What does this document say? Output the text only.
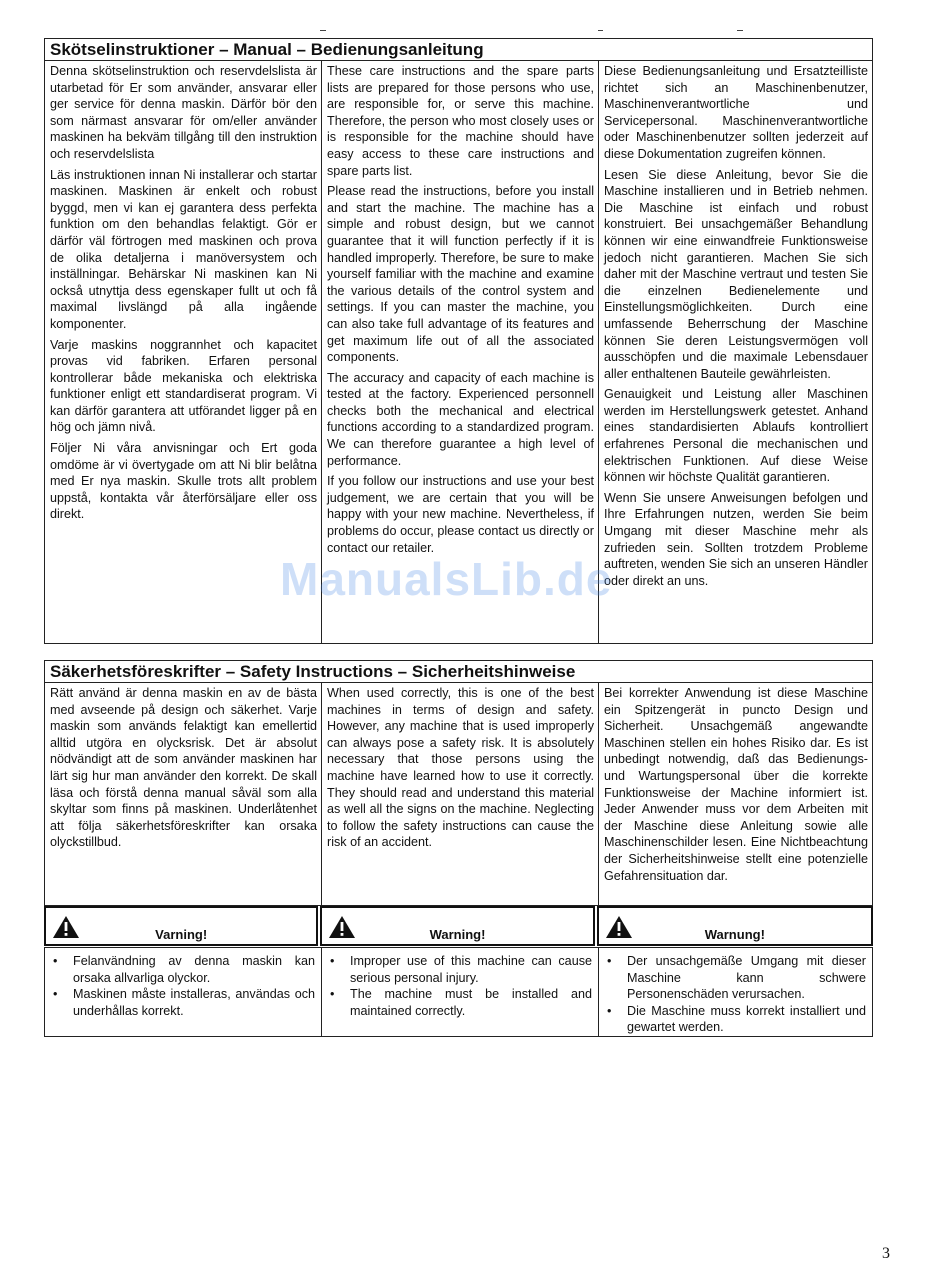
Skötselinstruktioner – Manual – Bedienungsanleitung

Denna skötselinstruktion och reservdelslista är utarbetad för Er som använder, ansvarar eller ger service för denna maskin. Därför bör den som närmast ansvarar för om/eller använder maskinen ha bekväm tillgång till den instruktion och reservdelslista

Läs instruktionen innan Ni installerar och startar maskinen. Maskinen är enkelt och robust byggd, men vi kan ej garantera dess perfekta funktion om den behandlas felaktigt. Gör er därför väl förtrogen med maskinen och prova de olika detaljerna i manöversystem och inställningar. Behärskar Ni maskinen kan Ni också utnyttja dess egenskaper fullt ut och få maximal livslängd på alla ingående komponenter.

Varje maskins noggrannhet och kapacitet provas vid fabriken. Erfaren personal kontrollerar både mekaniska och elektriska funktioner enligt ett standardiserat program. Vi kan därför garantera att utförandet ligger på en hög och jämn nivå.

Följer Ni våra anvisningar och Ert goda omdöme är vi övertygade om att Ni blir belåtna med Er nya maskin. Skulle trots allt problem uppstå, kontakta vår återförsäljare eller oss direkt.

These care instructions and the spare parts lists are prepared for those persons who use, are responsible for, or serve this machine. Therefore, the person who most closely uses or is responsible for the machine should have easy access to these care instructions and spare parts list.

Please read the instructions, before you install and start the machine. The machine has a simple and robust design, but we cannot guarantee that it will function perfectly if it is handled improperly. Therefore, be sure to make yourself familiar with the machine and examine the various details of the control system and settings. If you can master the machine, you can also take full advantage of its features and get maximum life out of all the associated components.

The accuracy and capacity of each machine is tested at the factory. Experienced personnell checks both the mechanical and electrical functions according to a standardized program. We can therefore guarantee a high level of performance.

If you follow our instructions and use your best judgement, we are certain that you will be happy with your new machine. Nevertheless, if problems do occur, please contact us directly or contact our retailer.

Diese Bedienungsanleitung und Ersatzteilliste richtet sich an Maschinenbenutzer, Maschinenverantwortliche und Servicepersonal. Maschinenverantwortliche oder Maschinenbenutzer sollten jederzeit auf diese Dokumentation zugreifen können.

Lesen Sie diese Anleitung, bevor Sie die Maschine installieren und in Betrieb nehmen. Die Maschine ist einfach und robust konstruiert. Bei unsachgemäßer Behandlung können wir eine einwandfreie Funktionsweise jedoch nicht garantieren. Machen Sie sich daher mit der Maschine vertraut und testen Sie die einzelnen Bedienelemente und Einstellungsmöglichkeiten. Durch eine umfassende Beherrschung der Maschine können Sie deren Leistungsvermögen voll ausschöpfen und die maximale Lebensdauer aller enthaltenen Bauteile gewährleisten.

Genauigkeit und Leistung aller Maschinen werden im Herstellungswerk getestet. Anhand eines standardisierten Ablaufs kontrolliert erfahrenes Personal die mechanischen und elektrischen Funktionen. Auf diese Weise können wir höchste Qualität garantieren.

Wenn Sie unsere Anweisungen befolgen und Ihre Erfahrungen nutzen, werden Sie beim Umgang mit dieser Maschine mehr als zufrieden sein. Sollten trotzdem Probleme auftreten, wenden Sie sich an unseren Händler oder direkt an uns.

Säkerhetsföreskrifter – Safety Instructions – Sicherheitshinweise

Rätt använd är denna maskin en av de bästa med avseende på design och säkerhet. Varje maskin som används felaktigt kan emellertid alltid utgöra en olycksrisk. Det är absolut nödvändigt att de som använder maskinen har lärt sig hur man använder den korrekt. De skall läsa och förstå denna manual såväl som alla skyltar som finns på maskinen. Underlåtenhet att följa säkerhetsföreskrifter kan orsaka olyckstillbud.

When used correctly, this is one of the best machines in terms of design and safety. However, any machine that is used improperly can always pose a safety risk. It is absolutely necessary that those persons using the machine have learned how to use it correctly. They should read and understand this material as well all the signs on the machine. Neglecting to follow the safety instructions can cause the risk of an accident.

Bei korrekter Anwendung ist diese Maschine ein Spitzengerät in puncto Design und Sicherheit. Unsachgemäß angewandte Maschinen stellen ein hohes Risiko dar. Es ist unbedingt notwendig, daß das Bedienungs- und Wartungspersonal über die korrekte Funktionsweise der Machine informiert ist. Jeder Anwender muss vor dem Arbeiten mit der Maschine diese Anleitung sowie alle Maschinenschilder lesen. Eine Nichtbeachtung der Sicherheitshinweise stellt eine potenzielle Gefahrensituation dar.

Varning!	Warning!	Warnung!
• Felanvändning av denna maskin kan orsaka allvarliga olyckor.
• Maskinen måste installeras, användas och underhållas korrekt.
• Improper use of this machine can cause serious personal injury.
• The machine must be installed and maintained correctly.
• Der unsachgemäße Umgang mit dieser Maschine kann schwere Personenschäden verursachen.
• Die Maschine muss korrekt installiert und gewartet werden.
ManualsLib.de
3
